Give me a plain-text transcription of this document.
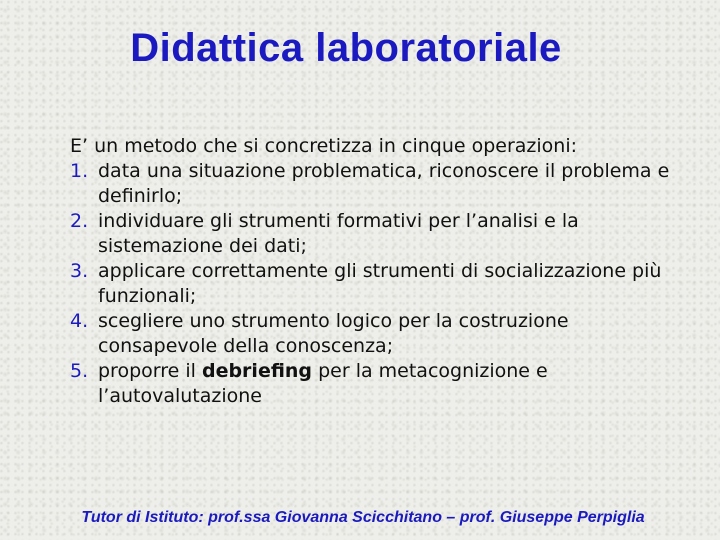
Didattica laboratoriale
E’ un metodo che si concretizza in cinque operazioni:
1. data una situazione problematica, riconoscere il problema e definirlo;
2. individuare gli strumenti formativi per l’analisi e la sistemazione dei dati;
3. applicare correttamente gli strumenti di socializzazione più funzionali;
4. scegliere uno strumento logico per la costruzione consapevole della conoscenza;
5. proporre il debriefing per la metacognizione e l’autovalutazione
Tutor di Istituto: prof.ssa Giovanna Scicchitano – prof. Giuseppe Perpiglia
